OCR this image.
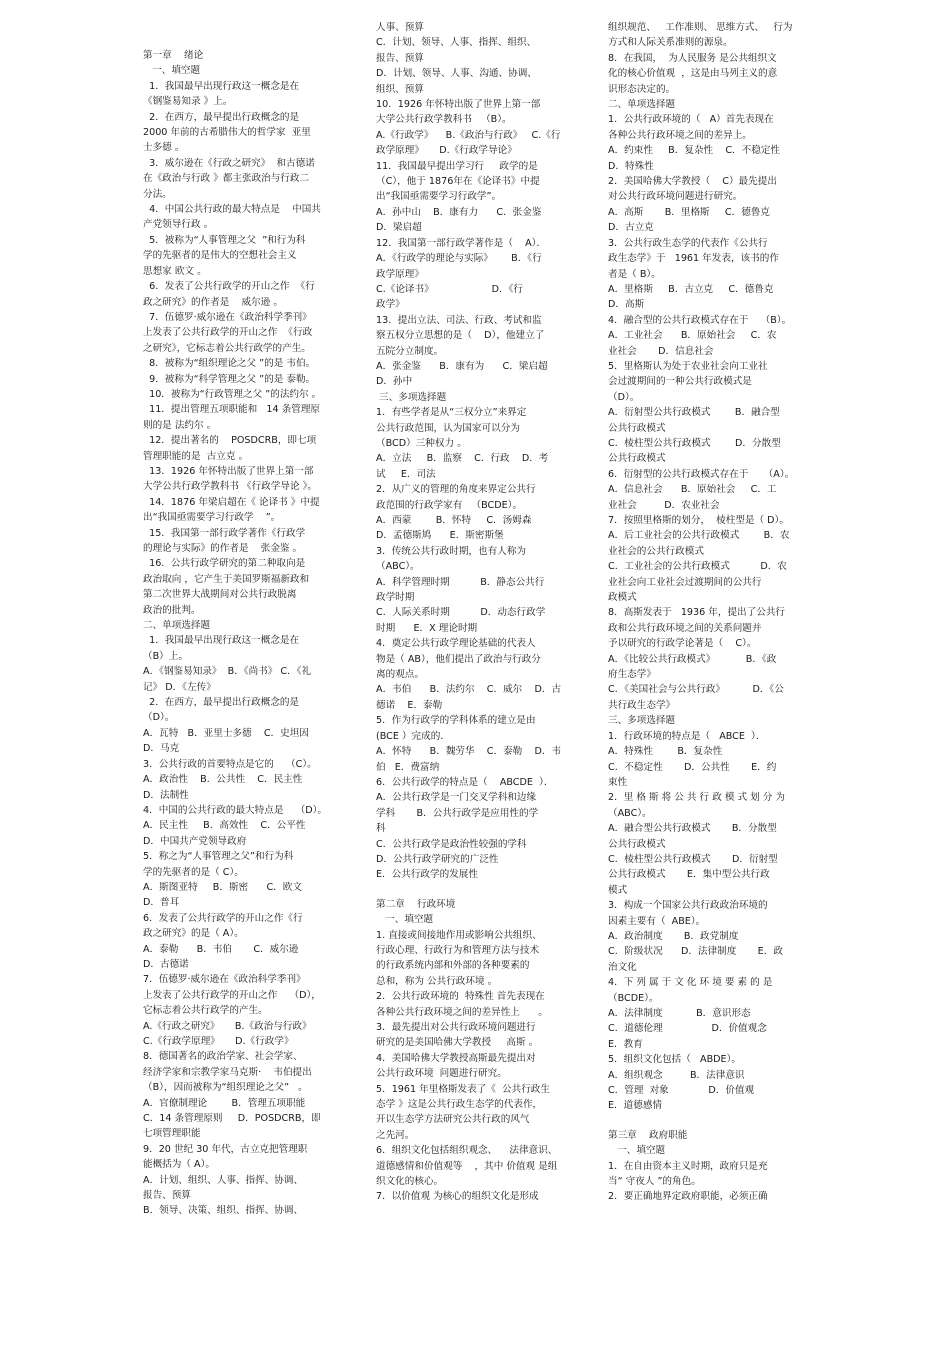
第一章    绪论
一、填空题
1．我国最早出现行政这一概念是在
《钢鉴易知录 》上。
2．在西方，最早提出行政概念的是
2000 年前的古希腊伟大的哲学家  亚里
士多德 。
3．威尔逊在《行政之研究》  和古德诺
在《政治与行政 》都主张政治与行政二
分法。
4．中国公共行政的最大特点是    中国共
产党领导行政 。
5．被称为“人事管理之父  ”和行为科
学的先驱者的是伟大的空想社会主义
思想家 欧文 。
6．发表了公共行政学的开山之作  《行
政之研究》的作者是    威尔逊 。
7．伍德罗·威尔逊在《政治科学季刊》
上发表了公共行政学的开山之作  《行政
之研究》，它标志着公共行政学的产生。
8．被称为“组织理论之父 ”的是 韦伯。
9．被称为“科学管理之父 ”的是 泰勒。
10．被称为“行政管理之父 ”的法约尔 。
11．提出管理五项职能和   14 条管理原
则的是 法约尔 。
12．提出著名的    POSDCRB，即七项
管理职能的是  古立克 。
13．1926 年怀特出版了世界上第一部
大学公共行政学教科书 《行政学导论 》。
14．1876 年梁启超在《 论译书 》中提
出“我国亟需要学习行政学    ”。
15．我国第一部行政学著作《行政学
的理论与实际》的作者是    张金鉴 。
16．公共行政学研究的第二种取向是
政治取向 ，它产生于美国罗斯福新政和
第二次世界大战期间对公共行政脱离
政治的批判。
二、单项选择题
1．我国最早出现行政这一概念是在
（B）上。
A．《钢鉴易知录》  B．《尚书》 C．《礼
记》 D．《左传》
2．在西方，最早提出行政概念的是
（D）。
A．瓦特   B．亚里士多德    C．史坦因
D．马克
3．公共行政的首要特点是它的    （C）。
A．政治性    B．公共性    C．民主性
D．法制性
4．中国的公共行政的最大特点是    （D）。
A．民主性     B．高效性    C．公平性
D．中国共产党领导政府
5．称之为“人事管理之父”和行为科
学的先驱者的是（ C）。
A．斯图亚特     B．斯密      C．欧文
D．普耳
6．发表了公共行政学的开山之作《行
政之研究》的是（ A）。
A．泰勒      B．韦伯       C．威尔逊
D．古德诺
7．伍德罗·威尔逊在《政治科学季刊》
上发表了公共行政学的开山之作    （D），
它标志着公共行政学的产生。
A.《行政之研究》     B.《政治与行政》
C.《行政学原理》     D.《行政学》
8．德国著名的政治学家、社会学家、
经济学家和宗教学家马克斯·    韦伯提出
（B），因而被称为“组织理论之父”   。
A．官僚制理论        B．管理五项职能
C．14 条管理原则     D．POSDCRB，即
七项管理职能
9．20 世纪 30 年代，古立克把管理职
能概括为（ A）。
A．计划、组织、人事、指挥、协调、
报告、预算
B．领导、决策、组织、指挥、协调、
人事、预算
C．计划、领导、人事、指挥、组织、
报告、预算
D．计划、领导、人事、沟通、协调、
组织、预算
10．1926 年怀特出版了世界上第一部
大学公共行政学教科书   （B）。
A.《行政学》    B.《政治与行政》   C.《行
政学原理》     D.《行政学导论》
11．我国最早提出学习行     政学的是
（C），他于 1876年在《论译书》中提
出“我国亟需要学习行政学”。
A．孙中山    B．康有力      C．张金鉴
D．梁启超
12．我国第一部行政学著作是（    A）．
A．《行政学的理论与实际》      B．《行
政学原理》
C.《论译书》                   D．《行
政学》
13．提出立法、司法、行政、考试和监
察五权分立思想的是（    D），他建立了
五院分立制度。
A．张金鉴      B．康有为      C．梁启超
D．孙中
三、多项选择题
1．有些学者是从“三权分立”来界定
公共行政范围，认为国家可以分为
（BCD）三种权力 。
A．立法     B．监察    C．行政    D．考
试     E．司法
2．从广义的管理的角度来界定公共行
政范围的行政学家有   （BCDE）。
A．西蒙        B．怀特     C．汤姆森
D．孟德斯鸠      E．斯密斯堡
3．传统公共行政时期，也有人称为
（ABC）。
A．科学管理时期          B．静态公共行
政学时期
C．人际关系时期          D．动态行政学
时期      E．X 理论时期
4．奠定公共行政学理论基础的代表人
物是（ AB），他们提出了政治与行政分
离的观点。
A．韦伯      B．法约尔    C．威尔    D．古
德诺    E．泰勒
5．作为行政学的学科体系的建立是由
(BCE ）完成的．
A．怀特      B．魏劳华    C．泰勒    D．韦
伯   E．费富纳
6．公共行政学的特点是（    ABCDE  ）．
A．公共行政学是一门交叉学科和边缘
学科       B．公共行政学是应用性的学
科
C．公共行政学是政治性较强的学科
D．公共行政学研究的广泛性
E．公共行政学的发展性
第二章    行政环境
一、填空题
1. 直接或间接地作用或影响公共组织、
行政心理、行政行为和管理方法与技术
的行政系统内部和外部的各种要素的
总和，称为 公共行政环境 。
2．公共行政环境的  特殊性 首先表现在
各种公共行政环境之间的差异性上      。
3．最先提出对公共行政环境问题进行
研究的是美国哈佛大学教授     高斯 。
4．美国哈佛大学教授高斯最先提出对
公共行政环境  问题进行研究。
5．1961 年里格斯发表了《  公共行政生
态学 》这是公共行政生态学的代表作，
开以生态学方法研究公共行政的风气
之先河。
6．组织文化包括组织观念、    法律意识、
道德感情和价值观等    ，其中 价值观 是组
织文化的核心。
7．以价值观 为核心的组织文化是形成
组织规范、   工作准则、 思维方式、   行为
方式和人际关系准则的源泉。
8．在我国，  为人民服务 是公共组织文
化的核心价值观  ，这是由马列主义的意
识形态决定的。
二、单项选择题
1．公共行政环境的（   A）首先表现在
各种公共行政环境之间的差异上。
A．约束性     B．复杂性    C．不稳定性
D．特殊性
2．美国哈佛大学教授（    C）最先提出
对公共行政环境问题进行研究。
A．高斯       B．里格斯     C．德鲁克
D．古立克
3．公共行政生态学的代表作《公共行
政生态学》于   1961 年发表，该书的作
者是（ B）。
A．里格斯     B．古立克     C．德鲁克
D．高斯
4．融合型的公共行政模式存在于    （B）。
A．工业社会      B．原始社会     C．农
业社会       D．信息社会
5．里格斯认为处于农业社会向工业社
会过渡期间的一种公共行政模式是
（D）。
A．衍射型公共行政模式        B．融合型
公共行政模式
C．棱柱型公共行政模式        D．分散型
公共行政模式
6．衍射型的公共行政模式存在于     （A）。
A．信息社会      B．原始社会     C．工
业社会         D．农业社会
7．按照里格斯的划分，  棱柱型是（ D）。
A．后工业社会的公共行政模式        B．农
业社会的公共行政模式
C．工业社会的公共行政模式          D．农
业社会向工业社会过渡期间的公共行
政模式
8．高斯发表于   1936 年，提出了公共行
政和公共行政环境之间的关系问题并
予以研究的行政学论著是（    C）。
A．《比较公共行政模式》          B．《政
府生态学》
C．《美国社会与公共行政》         D．《公
共行政生态学》
三、多项选择题
1．行政环境的特点是（   ABCE  ）．
A．特殊性        B．复杂性
C．不稳定性       D．公共性       E．约
束性
2．里 格 斯 将 公 共 行 政 模 式 划 分 为
（ABC）。
A．融合型公共行政模式       B．分散型
公共行政模式
C．棱柱型公共行政模式       D．衍射型
公共行政模式       E．集中型公共行政
模式
3．构成一个国家公共行政政治环境的
因素主要有（  ABE）。
A．政治制度       B．政党制度
C．阶级状况      D．法律制度       E．政
治文化
4．下 列 属 于 文 化 环 境 要 素 的 是
（BCDE）。
A．法律制度           B．意识形态
C．道德伦理                D．价值观念
E．教育
5．组织文化包括（   ABDE）。
A．组织观念         B．法律意识
C．管理  对象             D．价值观
E．道德感情
第三章    政府职能
一、填空题
1．在自由资本主义时期，政府只是充
当“ 守夜人 ”的角色。
2．要正确地界定政府职能，必须正确
